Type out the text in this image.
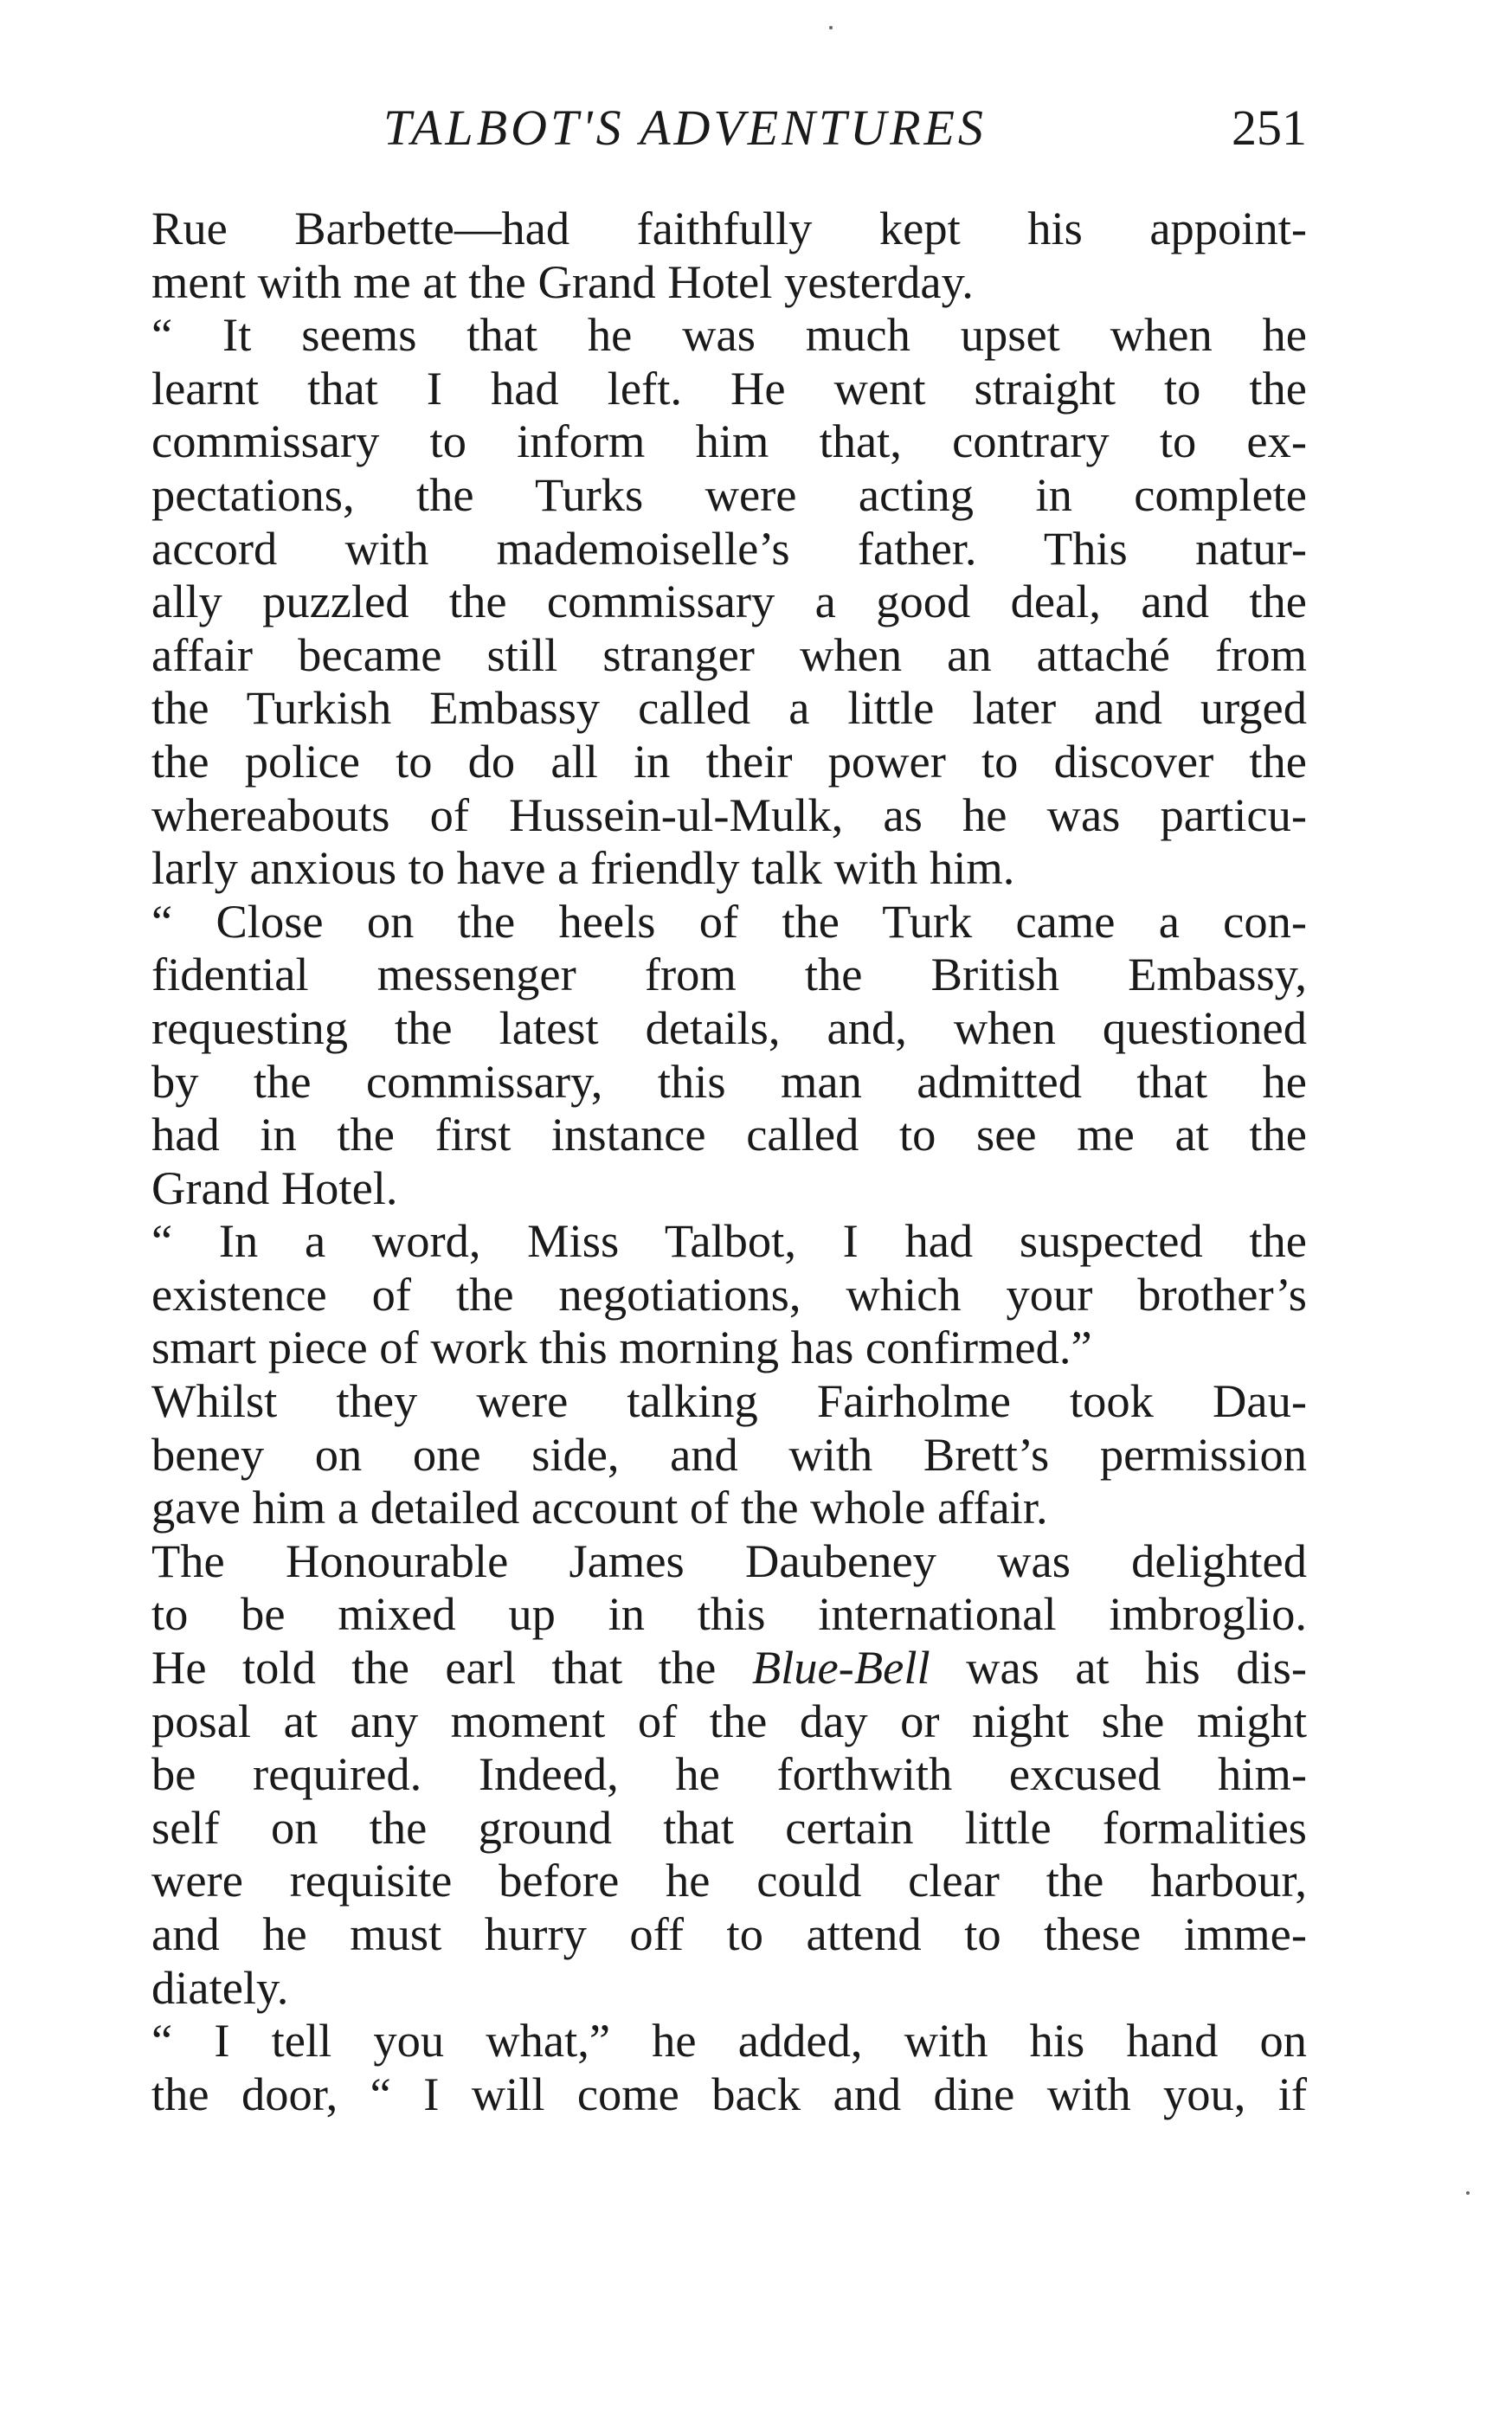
TALBOT'S ADVENTURES	251
Rue Barbette—had faithfully kept his appoint-
ment with me at the Grand Hotel yesterday.
“ It seems that he was much upset when he
learnt that I had left. He went straight to the
commissary to inform him that, contrary to ex-
pectations, the Turks were acting in complete
accord with mademoiselle’s father. This natur-
ally puzzled the commissary a good deal, and the
affair became still stranger when an attaché from
the Turkish Embassy called a little later and urged
the police to do all in their power to discover the
whereabouts of Hussein-ul-Mulk, as he was particu-
larly anxious to have a friendly talk with him.
“ Close on the heels of the Turk came a con-
fidential messenger from the British Embassy,
requesting the latest details, and, when questioned
by the commissary, this man admitted that he
had in the first instance called to see me at the
Grand Hotel.
“ In a word, Miss Talbot, I had suspected the
existence of the negotiations, which your brother’s
smart piece of work this morning has confirmed.”
Whilst they were talking Fairholme took Dau-
beney on one side, and with Brett’s permission
gave him a detailed account of the whole affair.
The Honourable James Daubeney was delighted
to be mixed up in this international imbroglio.
He told the earl that the Blue-Bell was at his dis-
posal at any moment of the day or night she might
be required. Indeed, he forthwith excused him-
self on the ground that certain little formalities
were requisite before he could clear the harbour,
and he must hurry off to attend to these imme-
diately.
“ I tell you what,” he added, with his hand on
the door, “ I will come back and dine with you, if
